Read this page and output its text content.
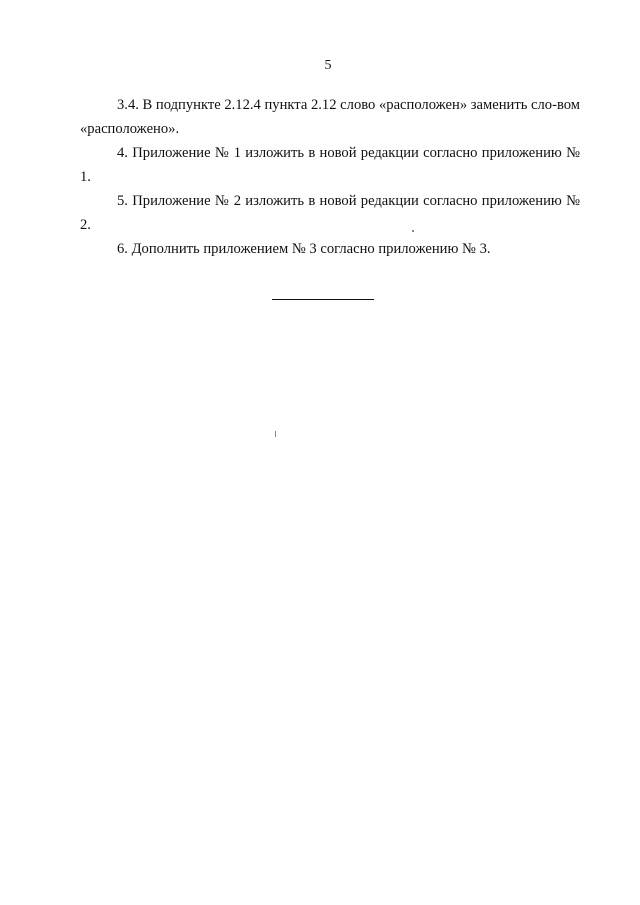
5

3.4. В подпункте 2.12.4 пункта 2.12 слово «расположен» заменить сло-вом «расположено».

4. Приложение № 1 изложить в новой редакции согласно приложению № 1.

5. Приложение № 2 изложить в новой редакции согласно приложению № 2.

6. Дополнить приложением № 3 согласно приложению № 3.
